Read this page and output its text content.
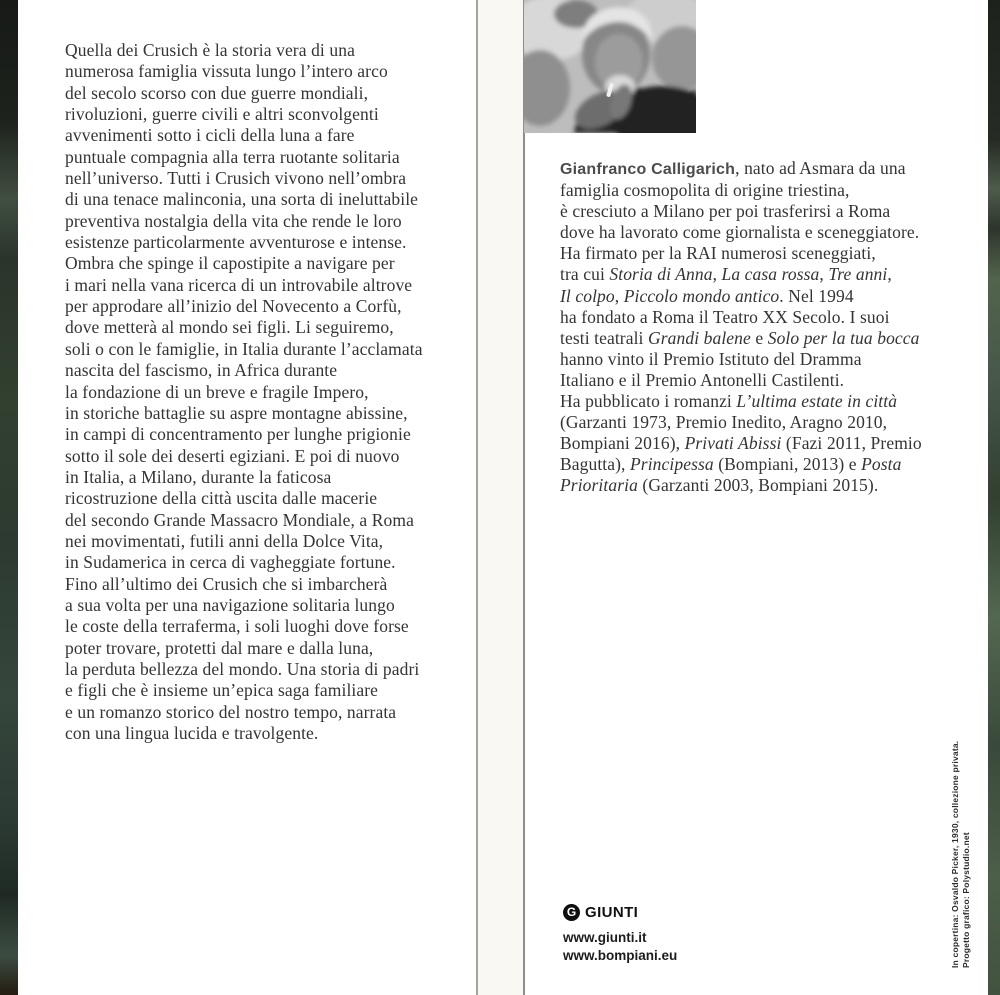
Quella dei Crusich è la storia vera di una
numerosa famiglia vissuta lungo l’intero arco
del secolo scorso con due guerre mondiali,
rivoluzioni, guerre civili e altri sconvolgenti
avvenimenti sotto i cicli della luna a fare
puntuale compagnia alla terra ruotante solitaria
nell’universo. Tutti i Crusich vivono nell’ombra
di una tenace malinconia, una sorta di ineluttabile
preventiva nostalgia della vita che rende le loro
esistenze particolarmente avventurose e intense.
Ombra che spinge il capostipite a navigare per
i mari nella vana ricerca di un introvabile altrove
per approdare all’inizio del Novecento a Corfù,
dove metterà al mondo sei figli. Li seguiremo,
soli o con le famiglie, in Italia durante l’acclamata
nascita del fascismo, in Africa durante
la fondazione di un breve e fragile Impero,
in storiche battaglie su aspre montagne abissine,
in campi di concentramento per lunghe prigionie
sotto il sole dei deserti egiziani. E poi di nuovo
in Italia, a Milano, durante la faticosa
ricostruzione della città uscita dalle macerie
del secondo Grande Massacro Mondiale, a Roma
nei movimentati, futili anni della Dolce Vita,
in Sudamerica in cerca di vagheggiate fortune.
Fino all’ultimo dei Crusich che si imbarcherà
a sua volta per una navigazione solitaria lungo
le coste della terraferma, i soli luoghi dove forse
poter trovare, protetti dal mare e dalla luna,
la perduta bellezza del mondo. Una storia di padri
e figli che è insieme un’epica saga familiare
e un romanzo storico del nostro tempo, narrata
con una lingua lucida e travolgente.
Gianfranco Calligarich, nato ad Asmara da una
famiglia cosmopolita di origine triestina,
è cresciuto a Milano per poi trasferirsi a Roma
dove ha lavorato come giornalista e sceneggiatore.
Ha firmato per la RAI numerosi sceneggiati,
tra cui Storia di Anna, La casa rossa, Tre anni,
Il colpo, Piccolo mondo antico. Nel 1994
ha fondato a Roma il Teatro XX Secolo. I suoi
testi teatrali Grandi balene e Solo per la tua bocca
hanno vinto il Premio Istituto del Dramma
Italiano e il Premio Antonelli Castilenti.
Ha pubblicato i romanzi L’ultima estate in città
(Garzanti 1973, Premio Inedito, Aragno 2010,
Bompiani 2016), Privati Abissi (Fazi 2011, Premio
Bagutta), Principessa (Bompiani, 2013) e Posta
Prioritaria (Garzanti 2003, Bompiani 2015).
G GIUNTI
www.giunti.it
www.bompiani.eu	In copertina: Osvaldo Picker, 1930, collezione privata. Progetto grafico: Polystudio.net
